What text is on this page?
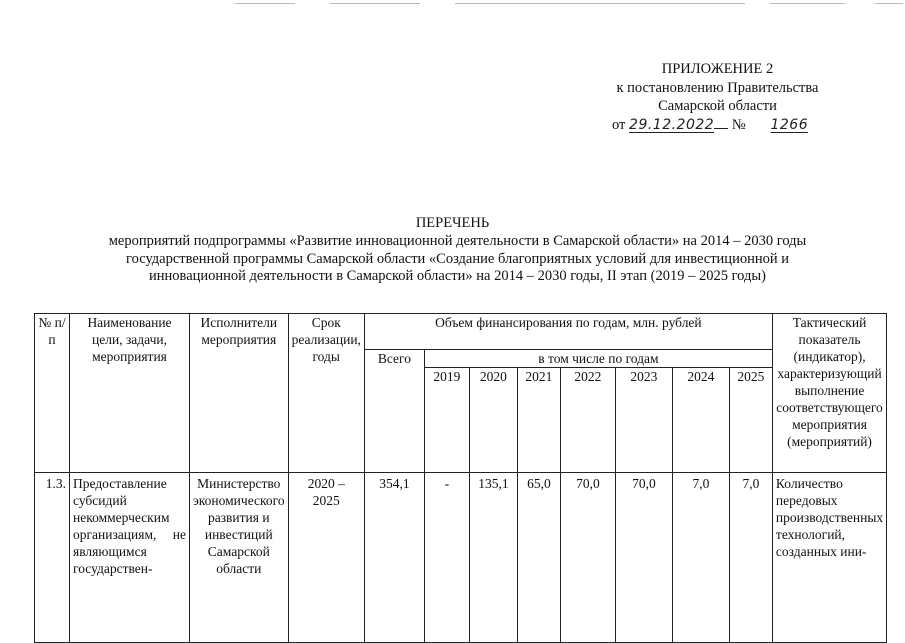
ПРИЛОЖЕНИЕ 2
к постановлению Правительства
Самарской области
от 29.12.2022 № 1266
ПЕРЕЧЕНЬ
мероприятий подпрограммы «Развитие инновационной деятельности в Самарской области» на 2014 – 2030 годы государственной программы Самарской области «Создание благоприятных условий для инвестиционной и инновационной деятельности в Самарской области» на 2014 – 2030 годы, II этап (2019 – 2025 годы)
№ п/п	Наименование цели, задачи, мероприятия	Исполнители мероприятия	Срок реализации, годы	Объем финансирования по годам, млн. рублей								Тактический показатель (индикатор), характеризующий выполнение соответствующего мероприятия (мероприятий)
				Всего	в том числе по годам							
					2019	2020	2021	2022	2023	2024	2025	
1.3.	Предоставление субсидий некоммерческим организациям, не являющимся государствен-	Министерство экономического развития и инвестиций Самарской области	2020 – 2025	354,1	-	135,1	65,0	70,0	70,0	7,0	7,0	Количество передовых производственных технологий, созданных ини-
